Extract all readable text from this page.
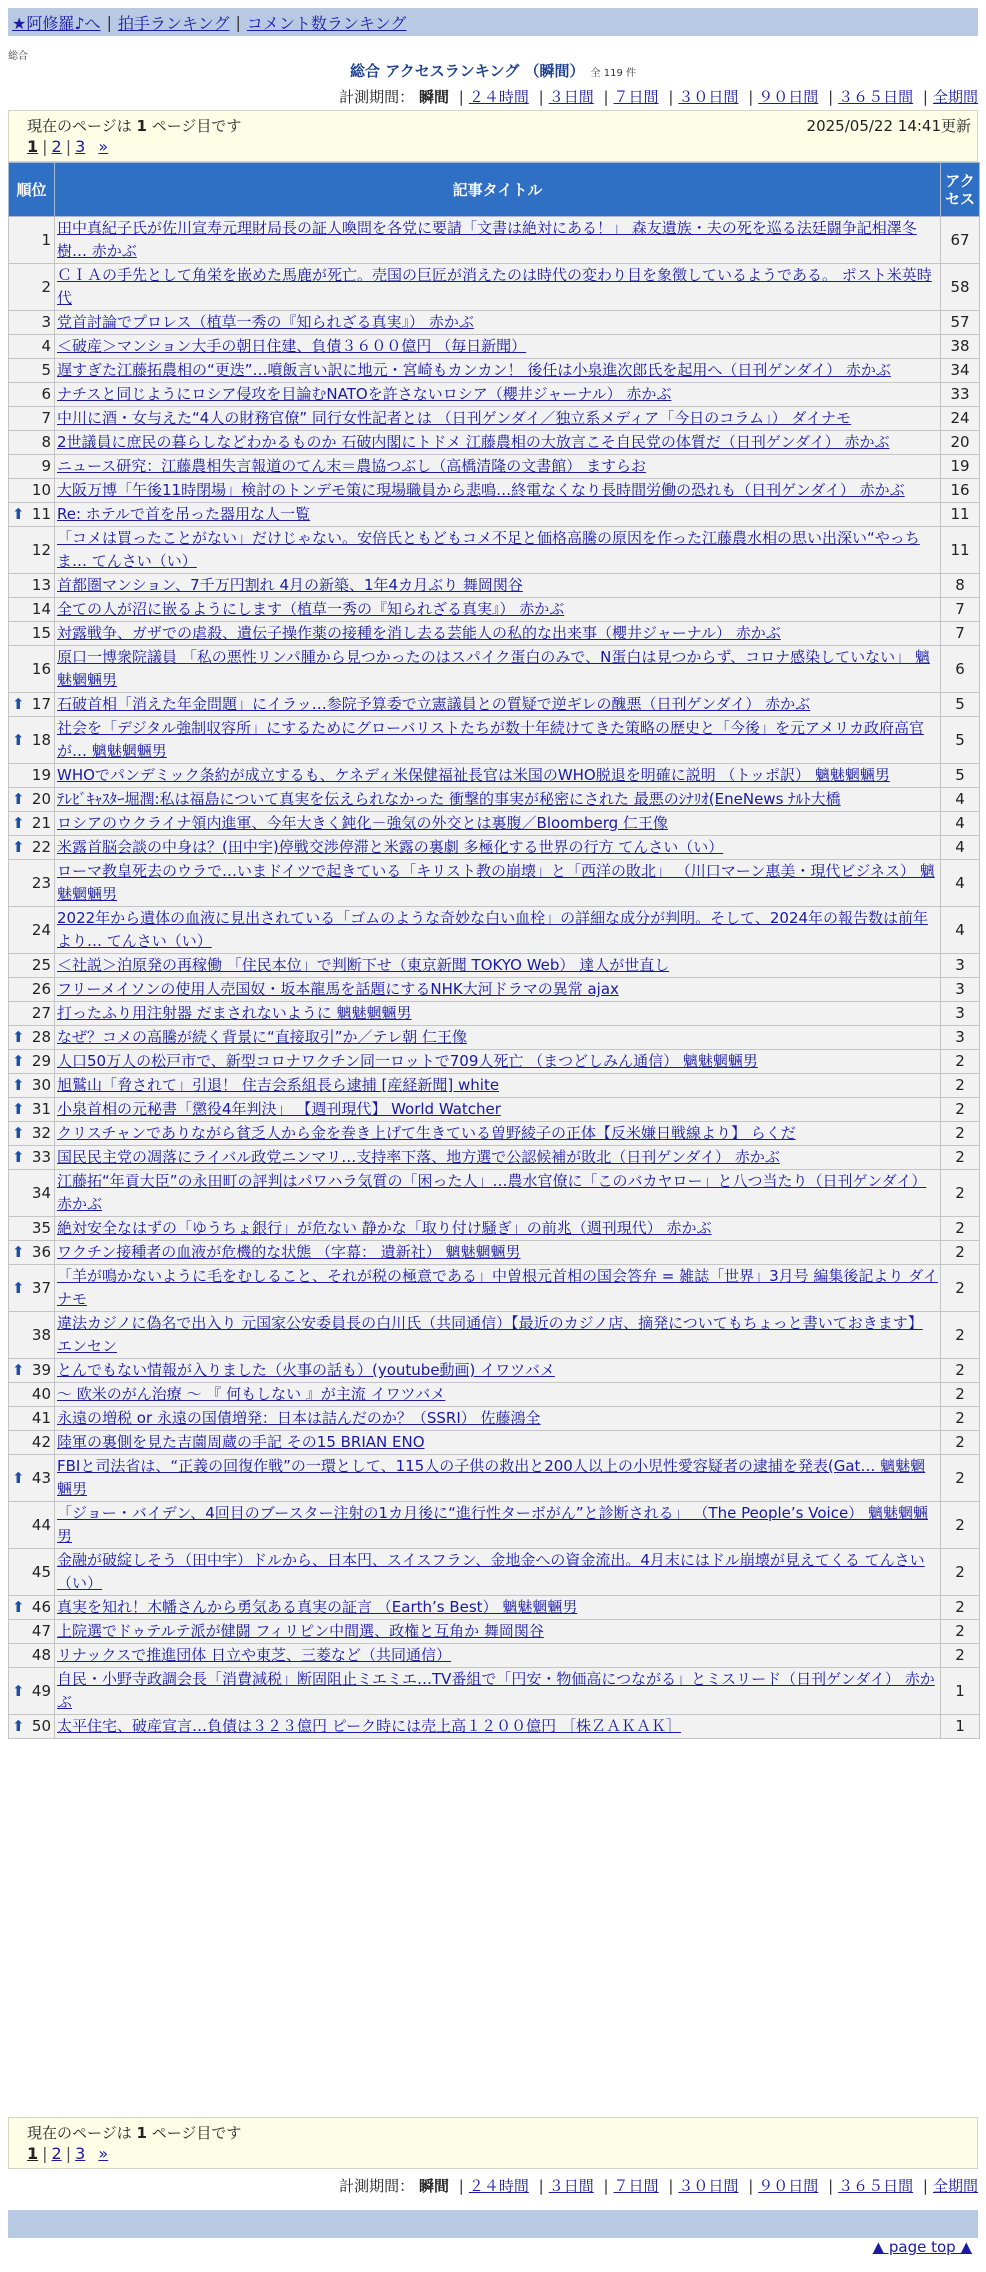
★阿修羅♪へ | 拍手ランキング | コメント数ランキング
総合
総合 アクセスランキング （瞬間） 全 119 件
計測期間： 瞬間 | ２４時間 | ３日間 | ７日間 | ３０日間 | ９０日間 | ３６５日間 | 全期間
現在のページは 1 ページ目です	2025/05/22 14:41更新
1 | 2 | 3 »
順位	記事タイトル	アクセス
1	田中真紀子氏が佐川宣寿元理財局長の証人喚問を各党に要請「文書は絶対にある！」 森友遺族・夫の死を巡る法廷闘争記相澤冬樹… 赤かぶ	67
2	ＣＩＡの手先として角栄を嵌めた馬鹿が死亡。売国の巨匠が消えたのは時代の変わり目を象徴しているようである。 ポスト米英時代	58
3	党首討論でプロレス（植草一秀の『知られざる真実』） 赤かぶ	57
4	＜破産＞マンション大手の朝日住建、負債３６００億円 （毎日新聞）	38
5	遅すぎた江藤拓農相の“更迭”…噴飯言い訳に地元・宮崎もカンカン！ 後任は小泉進次郎氏を起用へ（日刊ゲンダイ） 赤かぶ	34
6	ナチスと同じようにロシア侵攻を目論むNATOを許さないロシア（櫻井ジャーナル） 赤かぶ	33
7	中川に酒・女与えた“4人の財務官僚” 同行女性記者とは （日刊ゲンダイ／独立系メディア「今日のコラム」） ダイナモ	24
8	2世議員に庶民の暮らしなどわかるものか 石破内閣にトドメ 江藤農相の大放言こそ自民党の体質だ（日刊ゲンダイ） 赤かぶ	20
9	ニュース研究：江藤農相失言報道のてん末＝農協つぶし（高橋清隆の文書館） ますらお	19
10	大阪万博「午後11時閉場」検討のトンデモ策に現場職員から悲鳴…終電なくなり長時間労働の恐れも（日刊ゲンダイ） 赤かぶ	16

⬆ 11	Re: ホテルで首を吊った器用な人一覧	11
12	「コメは買ったことがない」だけじゃない。安倍氏ともどもコメ不足と価格高騰の原因を作った江藤農水相の思い出深い“やっちま… てんさい（い）	11
13	首都圏マンション、7千万円割れ 4月の新築、1年4カ月ぶり 舞岡関谷	8
14	全ての人が沼に嵌るようにします（植草一秀の『知られざる真実』） 赤かぶ	7
15	対露戦争、ガザでの虐殺、遺伝子操作薬の接種を消し去る芸能人の私的な出来事（櫻井ジャーナル） 赤かぶ	7
16	原口一博衆院議員 「私の悪性リンパ腫から見つかったのはスパイク蛋白のみで、N蛋白は見つからず、コロナ感染していない」 魑魅魍魎男	6

⬆ 17	石破首相「消えた年金問題」にイラッ…参院予算委で立憲議員との質疑で逆ギレの醜悪（日刊ゲンダイ） 赤かぶ	5

⬆ 18	社会を「デジタル強制収容所」にするためにグローバリストたちが数十年続けてきた策略の歴史と「今後」を元アメリカ政府高官が… 魑魅魍魎男	5
19	WHOでパンデミック条約が成立するも、ケネディ米保健福祉長官は米国のWHO脱退を明確に説明 （トッポ訳） 魑魅魍魎男	5

⬆ 20	ﾃﾚﾋﾞｷｬｽﾀｰ堀潤:私は福島について真実を伝えられなかった 衝撃的事実が秘密にされた 最悪のｼﾅﾘｵ(EneNews ﾅﾙﾄ大橋	4

⬆ 21	ロシアのウクライナ領内進軍、今年大きく鈍化－強気の外交とは裏腹／Bloomberg 仁王像	4

⬆ 22	米露首脳会談の中身は？(田中宇)停戦交渉停滞と米露の裏劇 多極化する世界の行方 てんさい（い）	4
23	ローマ教皇死去のウラで…いまドイツで起きている「キリスト教の崩壊」と「西洋の敗北」 （川口マーン惠美・現代ビジネス） 魑魅魍魎男	4
24	2022年から遺体の血液に見出されている「ゴムのような奇妙な白い血栓」の詳細な成分が判明。そして、2024年の報告数は前年より… てんさい（い）	4
25	＜社説＞泊原発の再稼働 「住民本位」で判断下せ（東京新聞 TOKYO Web） 達人が世直し	3
26	フリーメイソンの使用人売国奴・坂本龍馬を話題にするNHK大河ドラマの異常 ajax	3
27	打ったふり用注射器 だまされないように 魑魅魍魎男	3

⬆ 28	なぜ？コメの高騰が続く背景に“直接取引”か／テレ朝 仁王像	3

⬆ 29	人口50万人の松戸市で、新型コロナワクチン同一ロットで709人死亡 （まつどしみん通信） 魑魅魍魎男	2

⬆ 30	旭鷲山「脅されて」引退！ 住吉会系組長ら逮捕 [産経新聞] white	2

⬆ 31	小泉首相の元秘書「懲役4年判決」 【週刊現代】 World Watcher	2

⬆ 32	クリスチャンでありながら貧乏人から金を巻き上げて生きている曽野綾子の正体【反米嫌日戦線より】 らくだ	2

⬆ 33	国民民主党の凋落にライバル政党ニンマリ…支持率下落、地方選で公認候補が敗北（日刊ゲンダイ） 赤かぶ	2
34	江藤拓“年貢大臣”の永田町の評判はパワハラ気質の「困った人」…農水官僚に「このバカヤロー」と八つ当たり（日刊ゲンダイ） 赤かぶ	2
35	絶対安全なはずの「ゆうちょ銀行」が危ない 静かな「取り付け騒ぎ」の前兆（週刊現代） 赤かぶ	2

⬆ 36	ワクチン接種者の血液が危機的な状態 （字幕： 遺新社） 魑魅魍魎男	2

⬆ 37	「羊が鳴かないように毛をむしること、それが税の極意である」中曽根元首相の国会答弁 = 雑誌「世界」3月号 編集後記より ダイナモ	2
38	違法カジノに偽名で出入り 元国家公安委員長の白川氏（共同通信）【最近のカジノ店、摘発についてもちょっと書いておきます】 エンセン	2

⬆ 39	とんでもない情報が入りました（火事の話も）(youtube動画) イワツバメ	2
40	～ 欧米のがん治療 ～ 『 何もしない 』が主流 イワツバメ	2
41	永遠の増税 or 永遠の国債増発：日本は詰んだのか？（SSRI） 佐藤鴻全	2
42	陸軍の裏側を見た吉薗周蔵の手記 その15 BRIAN ENO	2

⬆ 43	FBIと司法省は、“正義の回復作戦”の一環として、115人の子供の救出と200人以上の小児性愛容疑者の逮捕を発表(Gat… 魑魅魍魎男	2
44	「ジョー・バイデン、4回目のブースター注射の1カ月後に“進行性ターボがん”と診断される」 （The People’s Voice） 魑魅魍魎男	2
45	金融が破綻しそう（田中宇）ドルから、日本円、スイスフラン、金地金への資金流出。4月末にはドル崩壊が見えてくる てんさい（い）	2

⬆ 46	真実を知れ！木幡さんから勇気ある真実の証言 （Earth’s Best） 魑魅魍魎男	2
47	上院選でドゥテルテ派が健闘 フィリピン中間選、政権と互角か 舞岡関谷	2
48	リナックスで推進団体 日立や東芝、三菱など（共同通信）	2

⬆ 49	自民・小野寺政調会長「消費減税」断固阻止ミエミエ…TV番組で「円安・物価高につながる」とミスリード（日刊ゲンダイ） 赤かぶ	1

⬆ 50	太平住宅、破産宣言…負債は３２３億円 ピーク時には売上高１２００億円 ［株ＺＡＫＡＫ］	1
現在のページは 1 ページ目です
1 | 2 | 3 »
計測期間： 瞬間 | ２４時間 | ３日間 | ７日間 | ３０日間 | ９０日間 | ３６５日間 | 全期間
▲ page top ▲
